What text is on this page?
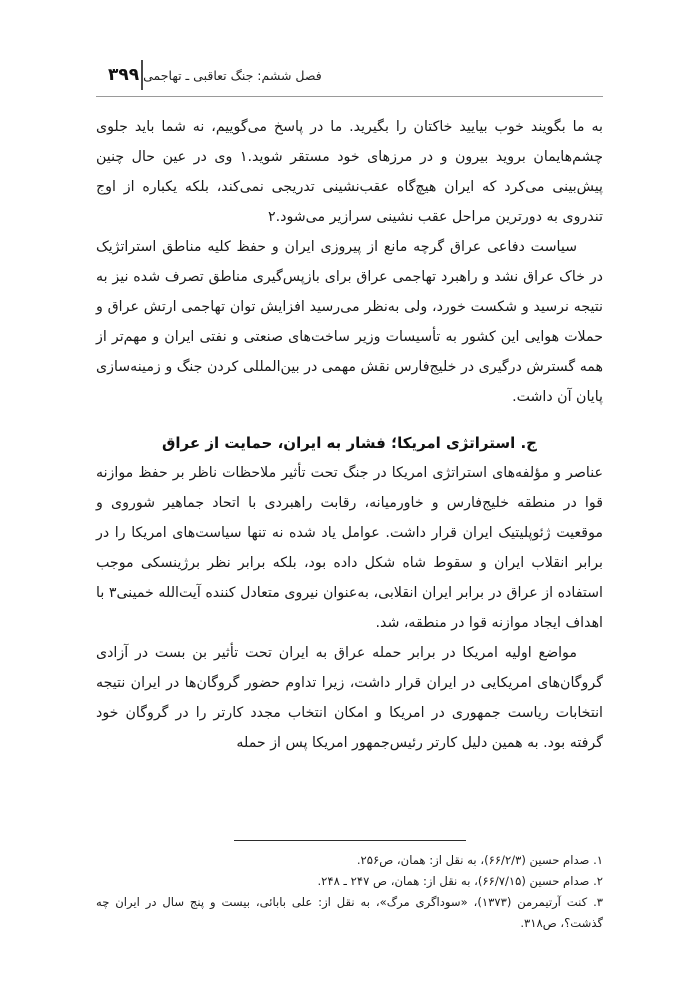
۳۹۹ فصل ششم: جنگ تعاقبی ـ تهاجمی

به ما بگویند خوب بیایید خاکتان را بگیرید. ما در پاسخ می‌گوییم، نه شما باید جلوی چشم‌هایمان بروید بیرون و در مرزهای خود مستقر شوید.۱ وی در عین حال چنین پیش‌بینی می‌کرد که ایران هیچ‌گاه عقب‌نشینی تدریجی نمی‌کند، بلکه یکباره از اوج تندروی به دورترین مراحل عقب نشینی سرازیر می‌شود.۲

سیاست دفاعی عراق گرچه مانع از پیروزی ایران و حفظ کلیه مناطق استراتژیک در خاک عراق نشد و راهبرد تهاجمی عراق برای بازپس‌گیری مناطق تصرف شده نیز به نتیجه نرسید و شکست خورد، ولی به‌نظر می‌رسید افزایش توان تهاجمی ارتش عراق و حملات هوایی این کشور به تأسیسات وزیر ساخت‌های صنعتی و نفتی ایران و مهم‌تر از همه گسترش درگیری در خلیج‌فارس نقش مهمی در بین‌المللی کردن جنگ و زمینه‌سازی پایان آن داشت.

ج. استراتژی امریکا؛ فشار به ایران، حمایت از عراق

عناصر و مؤلفه‌های استراتژی امریکا در جنگ تحت تأثیر ملاحظات ناظر بر حفظ موازنه قوا در منطقه خلیج‌فارس و خاورمیانه، رقابت راهبردی با اتحاد جماهیر شوروی و موقعیت ژئوپلیتیک ایران قرار داشت. عوامل یاد شده نه تنها سیاست‌های امریکا را در برابر انقلاب ایران و سقوط شاه شکل داده بود، بلکه برابر نظر برژینسکی موجب استفاده از عراق در برابر ایران انقلابی، به‌عنوان نیروی متعادل کننده آیت‌الله خمینی۳ با اهداف ایجاد موازنه قوا در منطقه، شد.

مواضع اولیه امریکا در برابر حمله عراق به ایران تحت تأثیر بن بست در آزادی گروگان‌های امریکایی در ایران قرار داشت، زیرا تداوم حضور گروگان‌ها در ایران نتیجه انتخابات ریاست جمهوری در امریکا و امکان انتخاب مجدد کارتر را در گروگان خود گرفته بود. به همین دلیل کارتر رئیس‌جمهور امریکا پس از حمله

۱. صدام حسین (۶۶/۲/۳)، به نقل از: همان، ص۲۵۶.

۲. صدام حسین (۶۶/۷/۱۵)، به نقل از: همان، ص ۲۴۷ ـ ۲۴۸.

۳. کنت آرتیمرمن (۱۳۷۳)، «سوداگری مرگ»، به نقل از: علی بابائی، بیست و پنج سال در ایران چه گذشت؟، ص۳۱۸.
